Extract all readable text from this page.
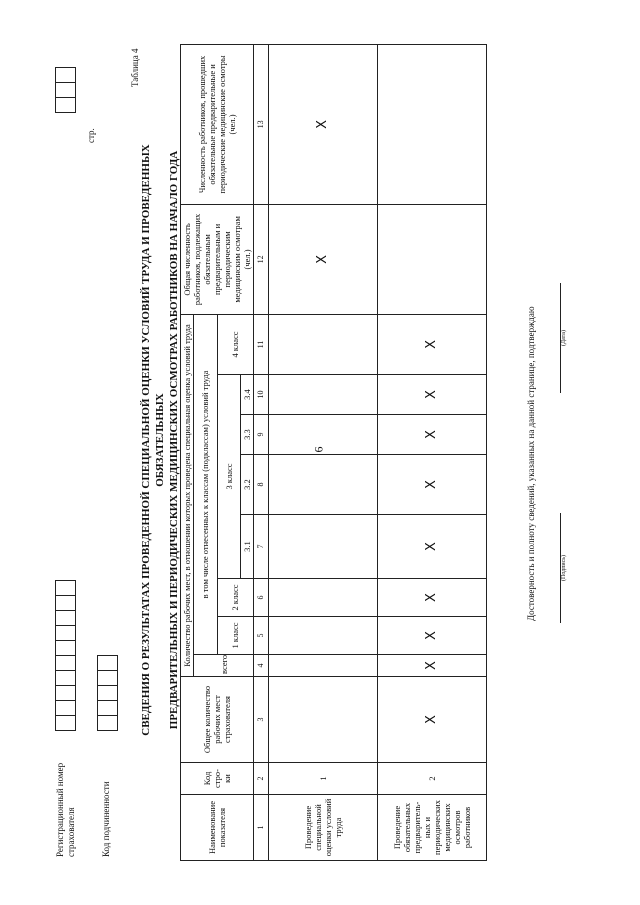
6
Регистрационный номер страхователя	Код подчиненности
стр.
Таблица 4
СВЕДЕНИЯ О РЕЗУЛЬТАТАХ ПРОВЕДЕННОЙ СПЕЦИАЛЬНОЙ ОЦЕНКИ УСЛОВИЙ ТРУДА И ПРОВЕДЕННЫХ ОБЯЗАТЕЛЬНЫХ ПРЕДВАРИТЕЛЬНЫХ И ПЕРИОДИЧЕСКИХ МЕДИЦИНСКИХ ОСМОТРАХ РАБОТНИКОВ НА НАЧАЛО ГОДА
Наименование показателя	Код стро-ки	Общее количество рабочих мест страхователя	Количество рабочих мест, в отношении которых проведена специальная оценка условий труда								Общая численность работников, подлежащих обязательным предварительным и периодическим медицинским осмотрам (чел.)	Численность работников, прошедших обязательные предварительные и периодические медицинские осмотры (чел.)
			всего	в том числе отнесенных к классам (подклассам) условий труда								
				1 класс	2 класс	3 класс				4 класс		
						3.1	3.2	3.3	3.4			
1	2	3	4	5	6	7	8	9	10	11	12	13
Проведение специальной оценки условий труда	1										X	X
Проведение обязательных предваритель-ных и периодических медицинских осмотров работников	2	X	X	X	X	X	X	X	X	X			Достоверность и полноту сведений, указанных на данной странице, подтверждаю	(Подпись)
(Дата)
